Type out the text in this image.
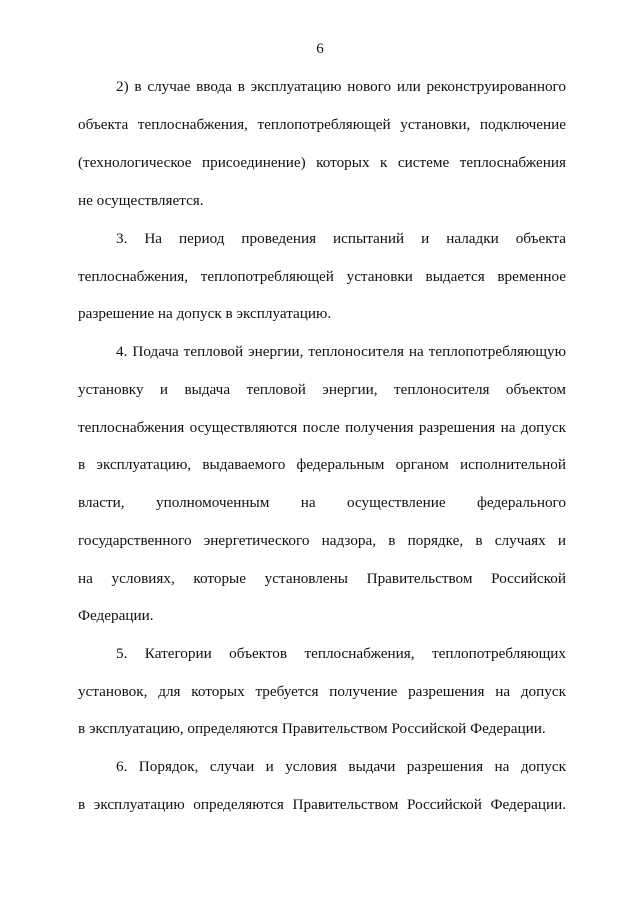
6
2) в случае ввода в эксплуатацию нового или реконструированного
объекта теплоснабжения, теплопотребляющей установки, подключение
(технологическое присоединение) которых к системе теплоснабжения
не осуществляется.
3. На период проведения испытаний и наладки объекта
теплоснабжения, теплопотребляющей установки выдается временное
разрешение на допуск в эксплуатацию.
4. Подача тепловой энергии, теплоносителя на теплопотребляющую
установку и выдача тепловой энергии, теплоносителя объектом
теплоснабжения осуществляются после получения разрешения на допуск
в эксплуатацию, выдаваемого федеральным органом исполнительной
власти, уполномоченным на осуществление федерального
государственного энергетического надзора, в порядке, в случаях и
на условиях, которые установлены Правительством Российской
Федерации.
5. Категории объектов теплоснабжения, теплопотребляющих
установок, для которых требуется получение разрешения на допуск
в эксплуатацию, определяются Правительством Российской Федерации.
6. Порядок, случаи и условия выдачи разрешения на допуск
в эксплуатацию определяются Правительством Российской Федерации.
